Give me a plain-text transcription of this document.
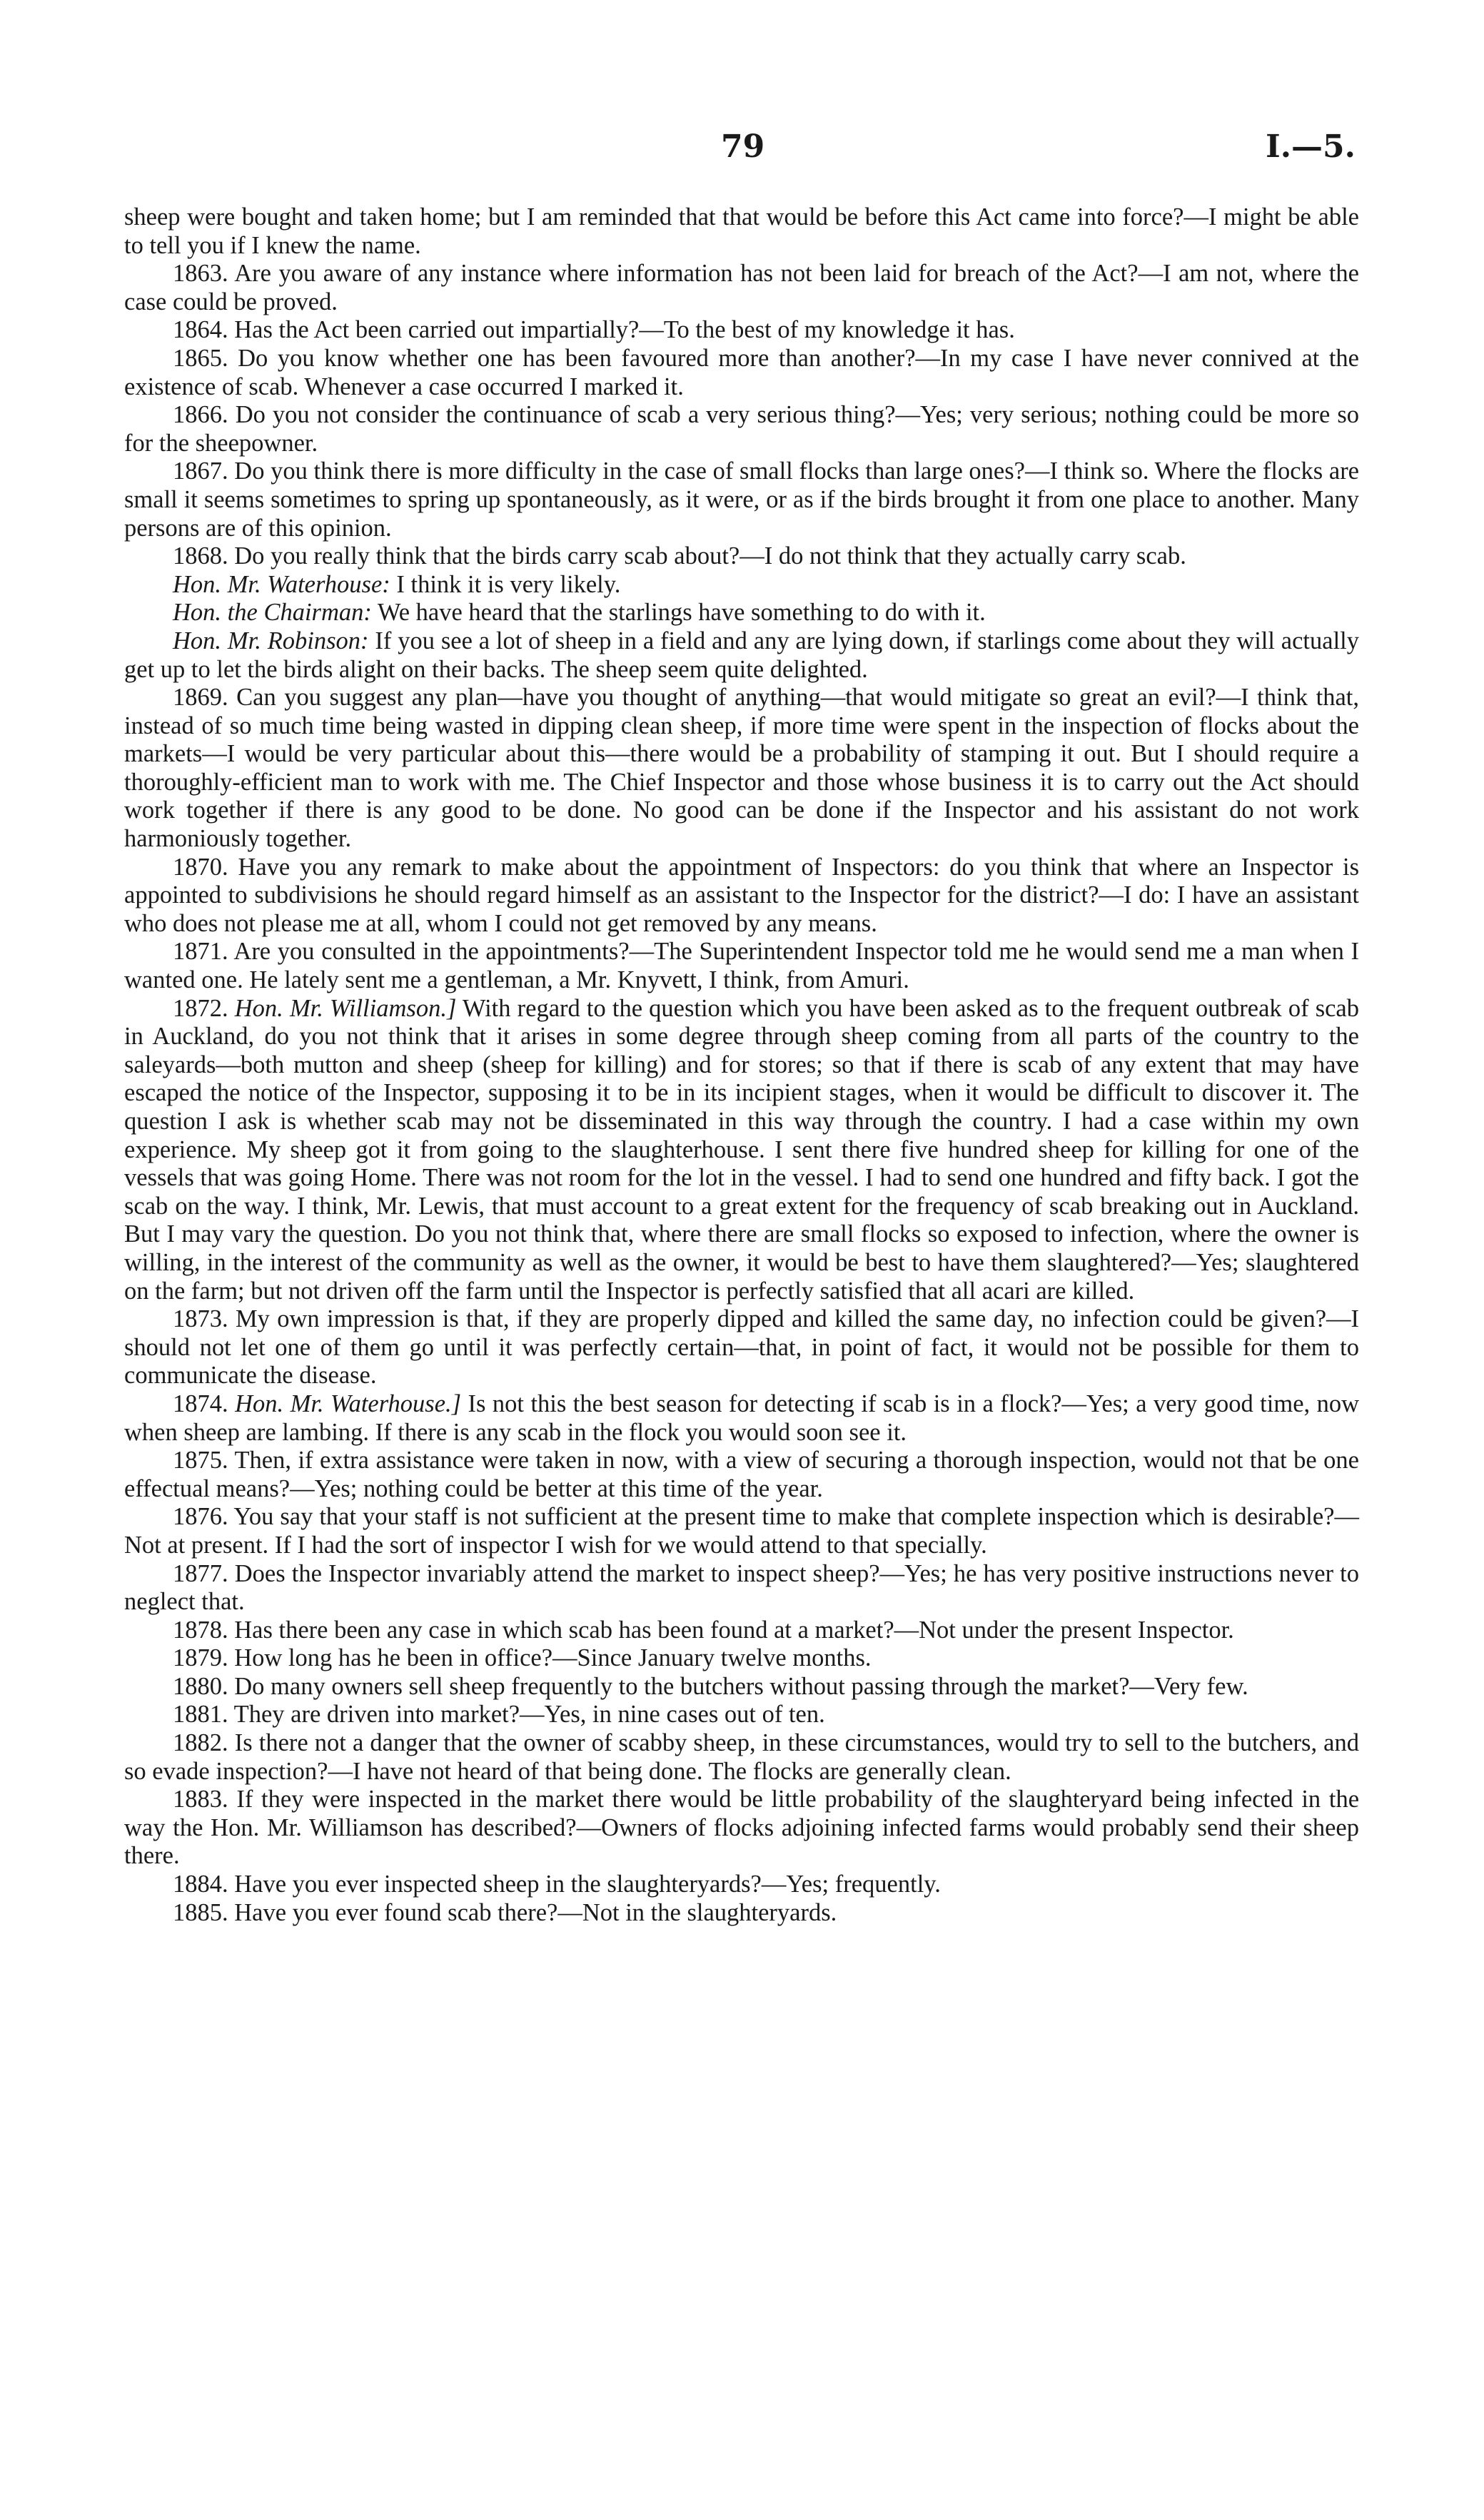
79	I.—5.

sheep were bought and taken home; but I am reminded that that would be before this Act came into force?—I might be able to tell you if I knew the name.

1863. Are you aware of any instance where information has not been laid for breach of the Act?—I am not, where the case could be proved.

1864. Has the Act been carried out impartially?—To the best of my knowledge it has.

1865. Do you know whether one has been favoured more than another?—In my case I have never connived at the existence of scab. Whenever a case occurred I marked it.

1866. Do you not consider the continuance of scab a very serious thing?—Yes; very serious; nothing could be more so for the sheepowner.

1867. Do you think there is more difficulty in the case of small flocks than large ones?—I think so. Where the flocks are small it seems sometimes to spring up spontaneously, as it were, or as if the birds brought it from one place to another. Many persons are of this opinion.

1868. Do you really think that the birds carry scab about?—I do not think that they actually carry scab.

Hon. Mr. Waterhouse: I think it is very likely.

Hon. the Chairman: We have heard that the starlings have something to do with it.

Hon. Mr. Robinson: If you see a lot of sheep in a field and any are lying down, if starlings come about they will actually get up to let the birds alight on their backs. The sheep seem quite delighted.

1869. Can you suggest any plan—have you thought of anything—that would mitigate so great an evil?—I think that, instead of so much time being wasted in dipping clean sheep, if more time were spent in the inspection of flocks about the markets—I would be very particular about this—there would be a probability of stamping it out. But I should require a thoroughly-efficient man to work with me. The Chief Inspector and those whose business it is to carry out the Act should work together if there is any good to be done. No good can be done if the Inspector and his assistant do not work harmoniously together.

1870. Have you any remark to make about the appointment of Inspectors: do you think that where an Inspector is appointed to subdivisions he should regard himself as an assistant to the Inspector for the district?—I do: I have an assistant who does not please me at all, whom I could not get removed by any means.

1871. Are you consulted in the appointments?—The Superintendent Inspector told me he would send me a man when I wanted one. He lately sent me a gentleman, a Mr. Knyvett, I think, from Amuri.

1872. Hon. Mr. Williamson.] With regard to the question which you have been asked as to the frequent outbreak of scab in Auckland, do you not think that it arises in some degree through sheep coming from all parts of the country to the saleyards—both mutton and sheep (sheep for killing) and for stores; so that if there is scab of any extent that may have escaped the notice of the Inspector, supposing it to be in its incipient stages, when it would be difficult to discover it. The question I ask is whether scab may not be disseminated in this way through the country. I had a case within my own experience. My sheep got it from going to the slaughterhouse. I sent there five hundred sheep for killing for one of the vessels that was going Home. There was not room for the lot in the vessel. I had to send one hundred and fifty back. I got the scab on the way. I think, Mr. Lewis, that must account to a great extent for the frequency of scab breaking out in Auckland. But I may vary the question. Do you not think that, where there are small flocks so exposed to infection, where the owner is willing, in the interest of the community as well as the owner, it would be best to have them slaughtered?—Yes; slaughtered on the farm; but not driven off the farm until the Inspector is perfectly satisfied that all acari are killed.

1873. My own impression is that, if they are properly dipped and killed the same day, no infection could be given?—I should not let one of them go until it was perfectly certain—that, in point of fact, it would not be possible for them to communicate the disease.

1874. Hon. Mr. Waterhouse.] Is not this the best season for detecting if scab is in a flock?—Yes; a very good time, now when sheep are lambing. If there is any scab in the flock you would soon see it.

1875. Then, if extra assistance were taken in now, with a view of securing a thorough inspection, would not that be one effectual means?—Yes; nothing could be better at this time of the year.

1876. You say that your staff is not sufficient at the present time to make that complete inspection which is desirable?—Not at present. If I had the sort of inspector I wish for we would attend to that specially.

1877. Does the Inspector invariably attend the market to inspect sheep?—Yes; he has very positive instructions never to neglect that.

1878. Has there been any case in which scab has been found at a market?—Not under the present Inspector.

1879. How long has he been in office?—Since January twelve months.

1880. Do many owners sell sheep frequently to the butchers without passing through the market?—Very few.

1881. They are driven into market?—Yes, in nine cases out of ten.

1882. Is there not a danger that the owner of scabby sheep, in these circumstances, would try to sell to the butchers, and so evade inspection?—I have not heard of that being done. The flocks are generally clean.

1883. If they were inspected in the market there would be little probability of the slaughteryard being infected in the way the Hon. Mr. Williamson has described?—Owners of flocks adjoining infected farms would probably send their sheep there.

1884. Have you ever inspected sheep in the slaughteryards?—Yes; frequently.

1885. Have you ever found scab there?—Not in the slaughteryards.
